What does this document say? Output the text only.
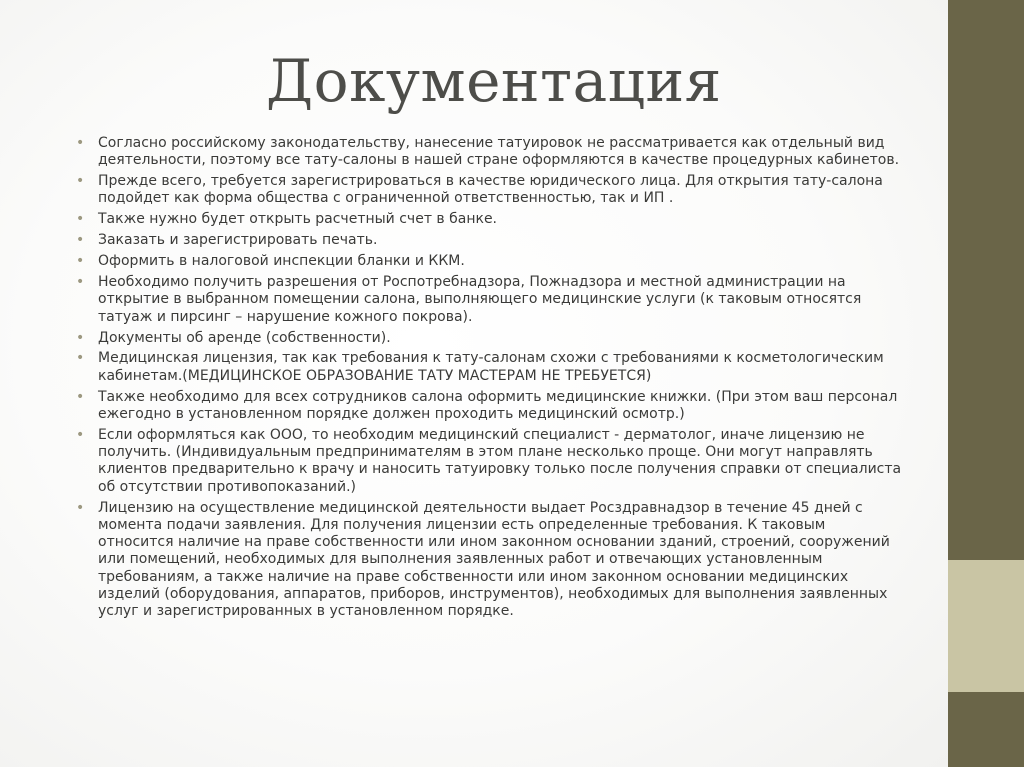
Документация
• Согласно российскому законодательству, нанесение татуировок не рассматривается как отдельный вид деятельности, поэтому все тату-салоны в нашей стране оформляются в качестве процедурных кабинетов.
• Прежде всего, требуется зарегистрироваться в качестве юридического лица. Для открытия тату-салона подойдет как форма общества с ограниченной ответственностью, так и ИП .
• Также нужно будет открыть расчетный счет в банке.
• Заказать и зарегистрировать печать.
• Оформить в налоговой инспекции бланки и ККМ.
• Необходимо получить разрешения от Роспотребнадзора, Пожнадзора и местной администрации на открытие в выбранном помещении салона, выполняющего медицинские услуги (к таковым относятся татуаж и пирсинг – нарушение кожного покрова).
• Документы об аренде (собственности).
• Медицинская лицензия, так как требования к тату-салонам схожи с требованиями к косметологическим кабинетам.(МЕДИЦИНСКОЕ ОБРАЗОВАНИЕ ТАТУ МАСТЕРАМ НЕ ТРЕБУЕТСЯ)
• Также необходимо для всех сотрудников салона оформить медицинские книжки. (При этом ваш персонал ежегодно в установленном порядке должен проходить медицинский осмотр.)
• Если оформляться как ООО, то необходим медицинский специалист - дерматолог, иначе лицензию не получить. (Индивидуальным предпринимателям в этом плане несколько проще. Они могут направлять клиентов предварительно к врачу и наносить татуировку только после получения справки от специалиста об отсутствии противопоказаний.)
• Лицензию на осуществление медицинской деятельности выдает Росздравнадзор в течение 45 дней с момента подачи заявления. Для получения лицензии есть определенные требования. К таковым относится наличие на праве собственности или ином законном основании зданий, строений, сооружений или помещений, необходимых для выполнения заявленных работ и отвечающих установленным требованиям, а также наличие на праве собственности или ином законном основании медицинских изделий (оборудования, аппаратов, приборов, инструментов), необходимых для выполнения заявленных услуг и зарегистрированных в установленном порядке.
